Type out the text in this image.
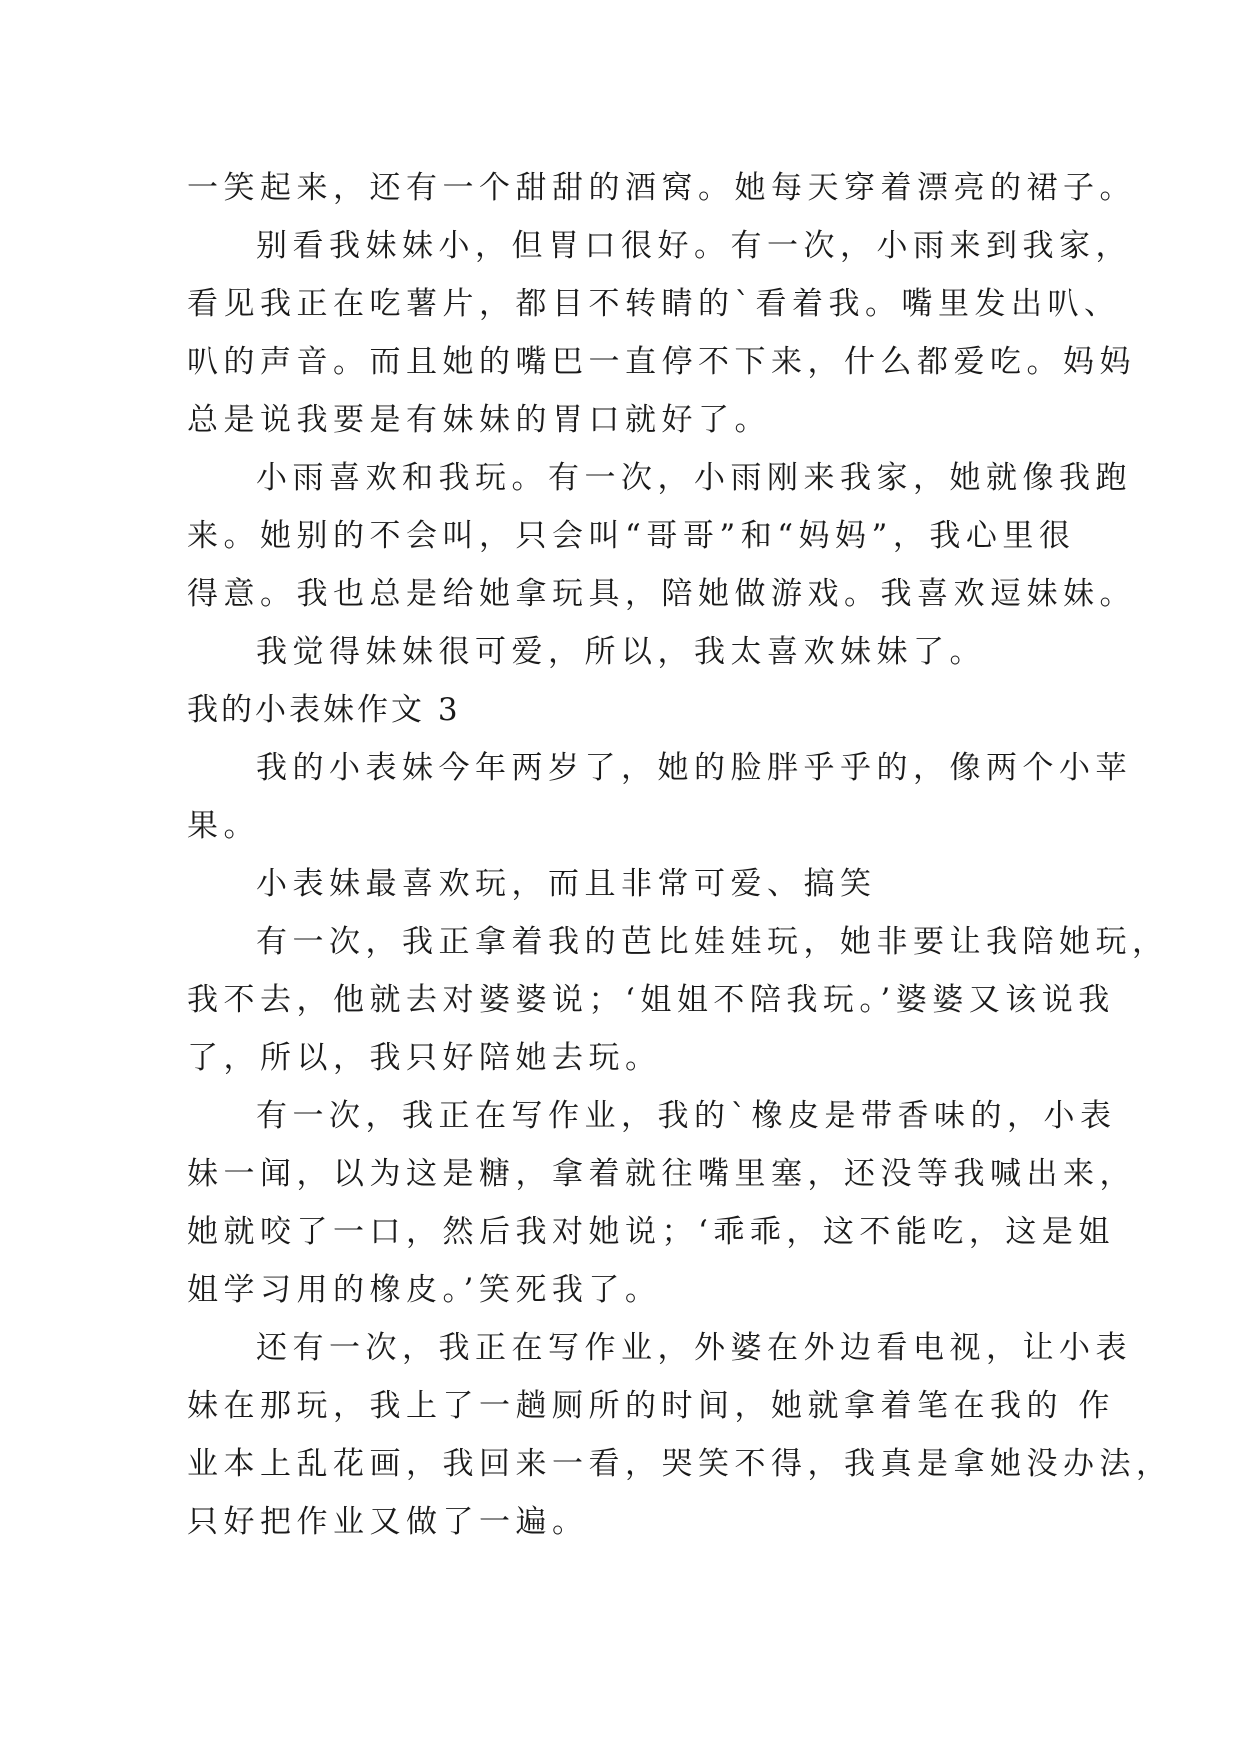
一笑起来，还有一个甜甜的酒窝。她每天穿着漂亮的裙子。
别看我妹妹小，但胃口很好。有一次，小雨来到我家，
看见我正在吃薯片，都目不转睛的`看着我。嘴里发出叭、
叭的声音。而且她的嘴巴一直停不下来，什么都爱吃。妈妈
总是说我要是有妹妹的胃口就好了。
小雨喜欢和我玩。有一次，小雨刚来我家，她就像我跑
来。她别的不会叫，只会叫“哥哥”和“妈妈”，我心里很
得意。我也总是给她拿玩具，陪她做游戏。我喜欢逗妹妹。
我觉得妹妹很可爱，所以，我太喜欢妹妹了。
我的小表妹作文 3
我的小表妹今年两岁了，她的脸胖乎乎的，像两个小苹
果。
小表妹最喜欢玩，而且非常可爱、搞笑
有一次，我正拿着我的芭比娃娃玩，她非要让我陪她玩，
我不去，他就去对婆婆说；‘姐姐不陪我玩。’婆婆又该说我
了，所以，我只好陪她去玩。
有一次，我正在写作业，我的`橡皮是带香味的，小表
妹一闻，以为这是糖，拿着就往嘴里塞，还没等我喊出来，
她就咬了一口，然后我对她说；‘乖乖，这不能吃，这是姐
姐学习用的橡皮。’笑死我了。
还有一次，我正在写作业，外婆在外边看电视，让小表
妹在那玩，我上了一趟厕所的时间，她就拿着笔在我的 作
业本上乱花画，我回来一看，哭笑不得，我真是拿她没办法，
只好把作业又做了一遍。
